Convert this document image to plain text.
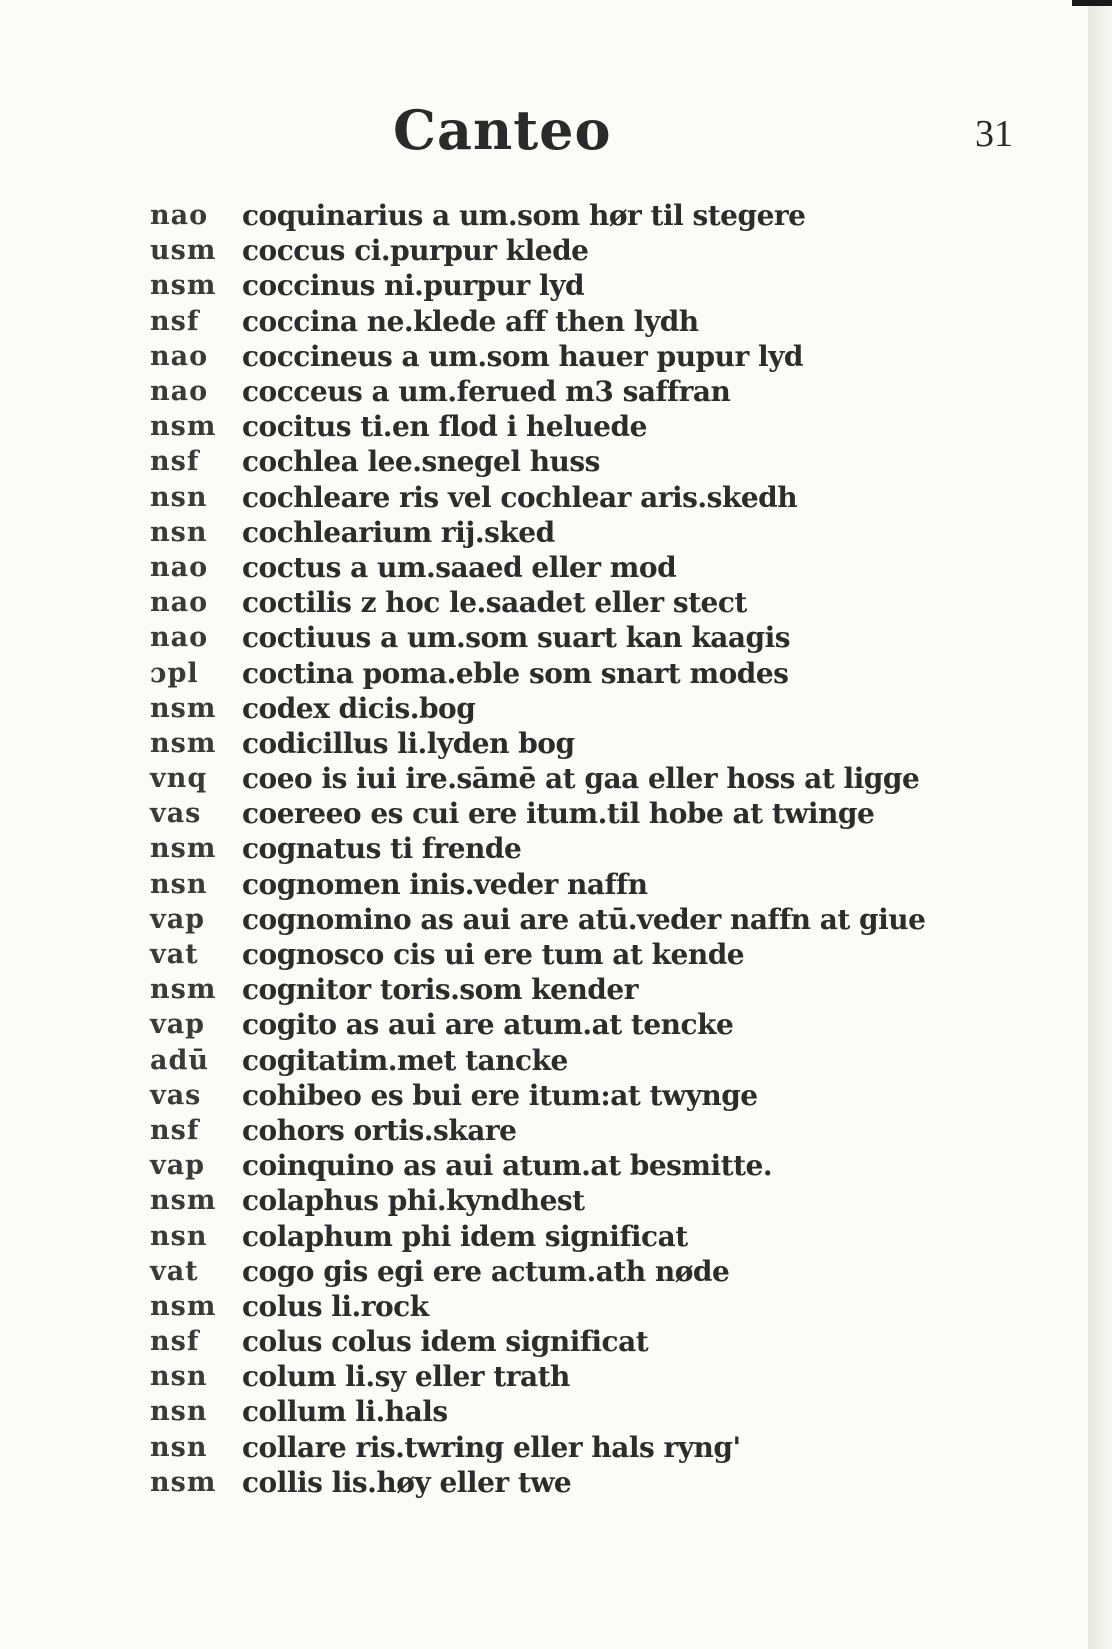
Canteo	31
nao	coquinarius a um.som hør til stegere
usm coccus ci.purpur klede
nsm coccinus ni.purpur lyd
nsf	coccina ne.klede aff then lydh
nao	coccineus a um.som hauer pupur lyd
nao	cocceus a um.ferued m3 saffran
nsm cocitus ti.en flod i heluede
nsf	cochlea lee.snegel huss
nsn	cochleare ris vel cochlear aris.skedh
nsn	cochlearium rij.sked
nao	coctus a um.saaed eller mod
nao	coctilis z hoc le.saadet eller stect
nao	coctiuus a um.som suart kan kaagis
ɔpl	coctina poma.eble som snart modes
nsm codex dicis.bog
nsm codicillus li.lyden bog
vnq	coeo is iui ire.sāmē at gaa eller hoss at ligge
vas	coereeo es cui ere itum.til hobe at twinge
nsm cognatus ti frende
nsn	cognomen inis.veder naffn
vap	cognomino as aui are atū.veder naffn at giue
vat	cognosco cis ui ere tum at kende
nsm cognitor toris.som kender
vap	cogito as aui are atum.at tencke
adū	cogitatim.met tancke
vas	cohibeo es bui ere itum:at twynge
nsf	cohors ortis.skare
vap	coinquino as aui atum.at besmitte.
nsm colaphus phi.kyndhest
nsn	colaphum phi idem significat
vat	cogo gis egi ere actum.ath nøde
nsm colus li.rock
nsf	colus colus idem significat
nsn	colum li.sy eller trath
nsn	collum li.hals
nsn	collare ris.twring eller hals ryng'
nsm collis lis.høy eller twe
